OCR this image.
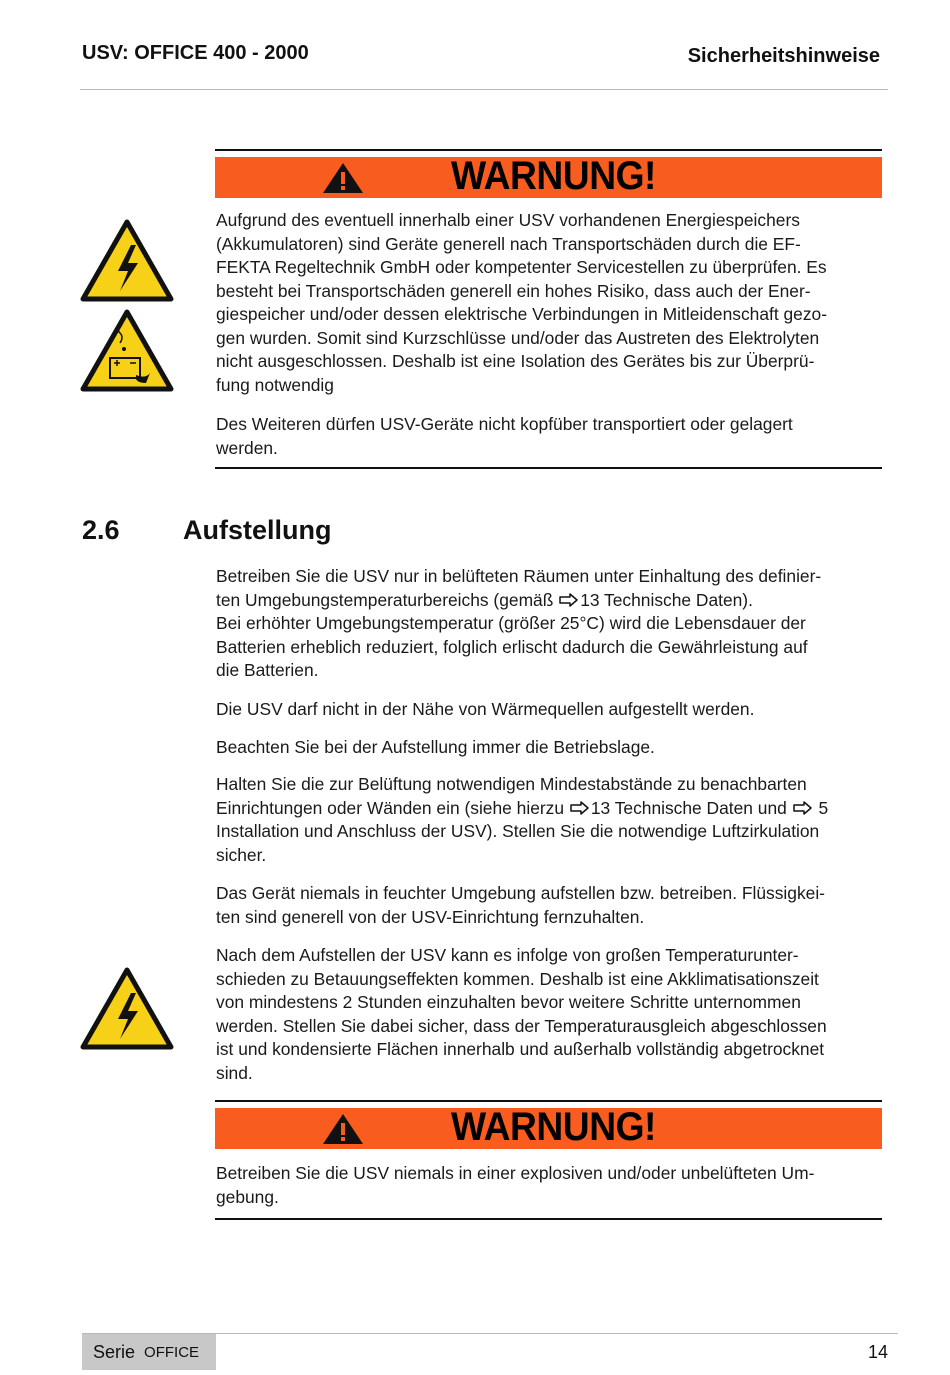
USV: OFFICE 400 - 2000	Sicherheitshinweise
WARNUNG!
Aufgrund des eventuell innerhalb einer USV vorhandenen Energiespeichers
(Akkumulatoren) sind Geräte generell nach Transportschäden durch die EF-
FEKTA Regeltechnik GmbH oder kompetenter Servicestellen zu überprüfen. Es
besteht bei Transportschäden generell ein hohes Risiko, dass auch der Ener-
giespeicher und/oder dessen elektrische Verbindungen in Mitleidenschaft gezo-
gen wurden. Somit sind Kurzschlüsse und/oder das Austreten des Elektrolyten
nicht ausgeschlossen. Deshalb ist eine Isolation des Gerätes bis zur Überprü-
fung notwendig
Des Weiteren dürfen USV-Geräte nicht kopfüber transportiert oder gelagert
werden.
2.6 Aufstellung
Betreiben Sie die USV nur in belüfteten Räumen unter Einhaltung des definier-
ten Umgebungstemperaturbereichs (gemäß 13 Technische Daten).
Bei erhöhter Umgebungstemperatur (größer 25°C) wird die Lebensdauer der
Batterien erheblich reduziert, folglich erlischt dadurch die Gewährleistung auf
die Batterien.
Die USV darf nicht in der Nähe von Wärmequellen aufgestellt werden.
Beachten Sie bei der Aufstellung immer die Betriebslage.
Halten Sie die zur Belüftung notwendigen Mindestabstände zu benachbarten
Einrichtungen oder Wänden ein (siehe hierzu 13 Technische Daten und  5
Installation und Anschluss der USV). Stellen Sie die notwendige Luftzirkulation
sicher.
Das Gerät niemals in feuchter Umgebung aufstellen bzw. betreiben. Flüssigkei-
ten sind generell von der USV-Einrichtung fernzuhalten.
Nach dem Aufstellen der USV kann es infolge von großen Temperaturunter-
schieden zu Betauungseffekten kommen. Deshalb ist eine Akklimatisationszeit
von mindestens 2 Stunden einzuhalten bevor weitere Schritte unternommen
werden. Stellen Sie dabei sicher, dass der Temperaturausgleich abgeschlossen
ist und kondensierte Flächen innerhalb und außerhalb vollständig abgetrocknet
sind.
WARNUNG!
Betreiben Sie die USV niemals in einer explosiven und/oder unbelüfteten Um-
gebung.
Serie OFFICE	14
